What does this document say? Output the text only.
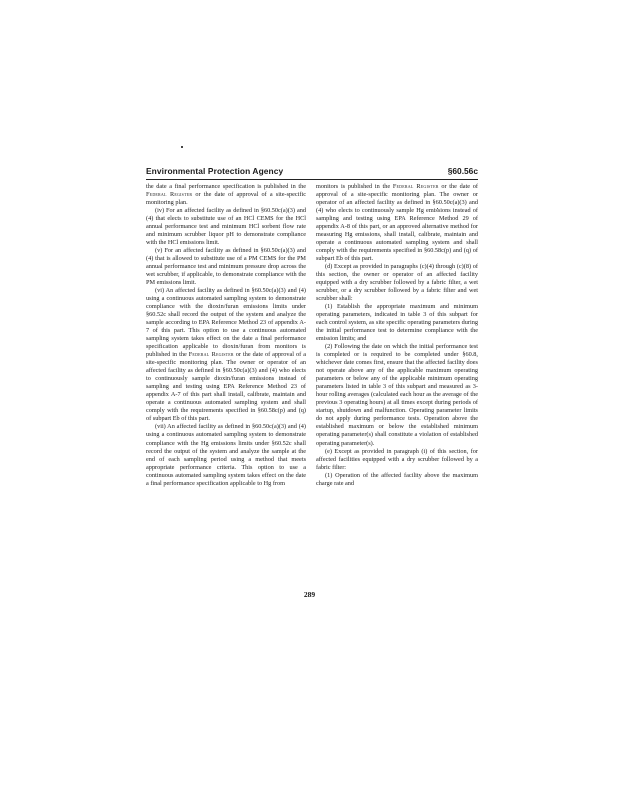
Environmental Protection Agency	§60.56c

the date a final performance specification is published in the Federal Register or the date of approval of a site-specific monitoring plan.

(iv) For an affected facility as defined in §60.50c(a)(3) and (4) that elects to substitute use of an HCl CEMS for the HCl annual performance test and minimum HCl sorbent flow rate and minimum scrubber liquor pH to demonstrate compliance with the HCl emissions limit.

(v) For an affected facility as defined in §60.50c(a)(3) and (4) that is allowed to substitute use of a PM CEMS for the PM annual performance test and minimum pressure drop across the wet scrubber, if applicable, to demonstrate compliance with the PM emissions limit.

(vi) An affected facility as defined in §60.50c(a)(3) and (4) using a continuous automated sampling system to demonstrate compliance with the dioxin/furan emissions limits under §60.52c shall record the output of the system and analyze the sample according to EPA Reference Method 23 of appendix A-7 of this part. This option to use a continuous automated sampling system takes effect on the date a final performance specification applicable to dioxin/furan from monitors is published in the Federal Register or the date of approval of a site-specific monitoring plan. The owner or operator of an affected facility as defined in §60.50c(a)(3) and (4) who elects to continuously sample dioxin/furan emissions instead of sampling and testing using EPA Reference Method 23 of appendix A-7 of this part shall install, calibrate, maintain and operate a continuous automated sampling system and shall comply with the requirements specified in §60.58c(p) and (q) of subpart Eb of this part.

(vii) An affected facility as defined in §60.50c(a)(3) and (4) using a continuous automated sampling system to demonstrate compliance with the Hg emissions limits under §60.52c shall record the output of the system and analyze the sample at the end of each sampling period using a method that meets appropriate performance criteria. This option to use a continuous automated sampling system takes effect on the date a final performance specification applicable to Hg from

monitors is published in the Federal Register or the date of approval of a site-specific monitoring plan. The owner or operator of an affected facility as defined in §60.50c(a)(3) and (4) who elects to continuously sample Hg emissions instead of sampling and testing using EPA Reference Method 29 of appendix A-8 of this part, or an approved alternative method for measuring Hg emissions, shall install, calibrate, maintain and operate a continuous automated sampling system and shall comply with the requirements specified in §60.58c(p) and (q) of subpart Eb of this part.

(d) Except as provided in paragraphs (c)(4) through (c)(8) of this section, the owner or operator of an affected facility equipped with a dry scrubber followed by a fabric filter, a wet scrubber, or a dry scrubber followed by a fabric filter and wet scrubber shall:

(1) Establish the appropriate maximum and minimum operating parameters, indicated in table 3 of this subpart for each control system, as site specific operating parameters during the initial performance test to determine compliance with the emission limits; and

(2) Following the date on which the initial performance test is completed or is required to be completed under §60.8, whichever date comes first, ensure that the affected facility does not operate above any of the applicable maximum operating parameters or below any of the applicable minimum operating parameters listed in table 3 of this subpart and measured as 3-hour rolling averages (calculated each hour as the average of the previous 3 operating hours) at all times except during periods of startup, shutdown and malfunction. Operating parameter limits do not apply during performance tests. Operation above the established maximum or below the established minimum operating parameter(s) shall constitute a violation of established operating parameter(s).

(e) Except as provided in paragraph (i) of this section, for affected facilities equipped with a dry scrubber followed by a fabric filter:

(1) Operation of the affected facility above the maximum charge rate and

289
